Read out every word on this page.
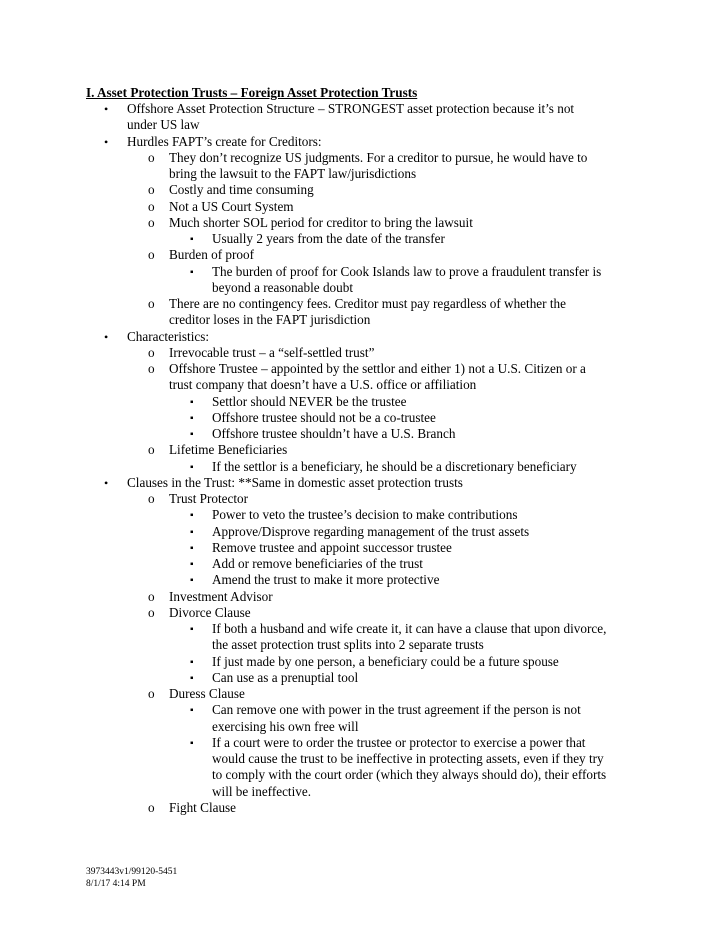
I. Asset Protection Trusts – Foreign Asset Protection Trusts
• Offshore Asset Protection Structure – STRONGEST asset protection because it’s not
under US law
• Hurdles FAPT’s create for Creditors:
o They don’t recognize US judgments. For a creditor to pursue, he would have to
bring the lawsuit to the FAPT law/jurisdictions
o Costly and time consuming
o Not a US Court System
o Much shorter SOL period for creditor to bring the lawsuit
▪ Usually 2 years from the date of the transfer
o Burden of proof
▪ The burden of proof for Cook Islands law to prove a fraudulent transfer is
beyond a reasonable doubt
o There are no contingency fees. Creditor must pay regardless of whether the
creditor loses in the FAPT jurisdiction
• Characteristics:
o Irrevocable trust – a “self-settled trust”
o Offshore Trustee – appointed by the settlor and either 1) not a U.S. Citizen or a
trust company that doesn’t have a U.S. office or affiliation
▪ Settlor should NEVER be the trustee
▪ Offshore trustee should not be a co-trustee
▪ Offshore trustee shouldn’t have a U.S. Branch
o Lifetime Beneficiaries
▪ If the settlor is a beneficiary, he should be a discretionary beneficiary
• Clauses in the Trust: **Same in domestic asset protection trusts
o Trust Protector
▪ Power to veto the trustee’s decision to make contributions
▪ Approve/Disprove regarding management of the trust assets
▪ Remove trustee and appoint successor trustee
▪ Add or remove beneficiaries of the trust
▪ Amend the trust to make it more protective
o Investment Advisor
o Divorce Clause
▪ If both a husband and wife create it, it can have a clause that upon divorce,
the asset protection trust splits into 2 separate trusts
▪ If just made by one person, a beneficiary could be a future spouse
▪ Can use as a prenuptial tool
o Duress Clause
▪ Can remove one with power in the trust agreement if the person is not
exercising his own free will
▪ If a court were to order the trustee or protector to exercise a power that
would cause the trust to be ineffective in protecting assets, even if they try
to comply with the court order (which they always should do), their efforts
will be ineffective.
o Fight Clause
3973443v1/99120-5451
8/1/17 4:14 PM
